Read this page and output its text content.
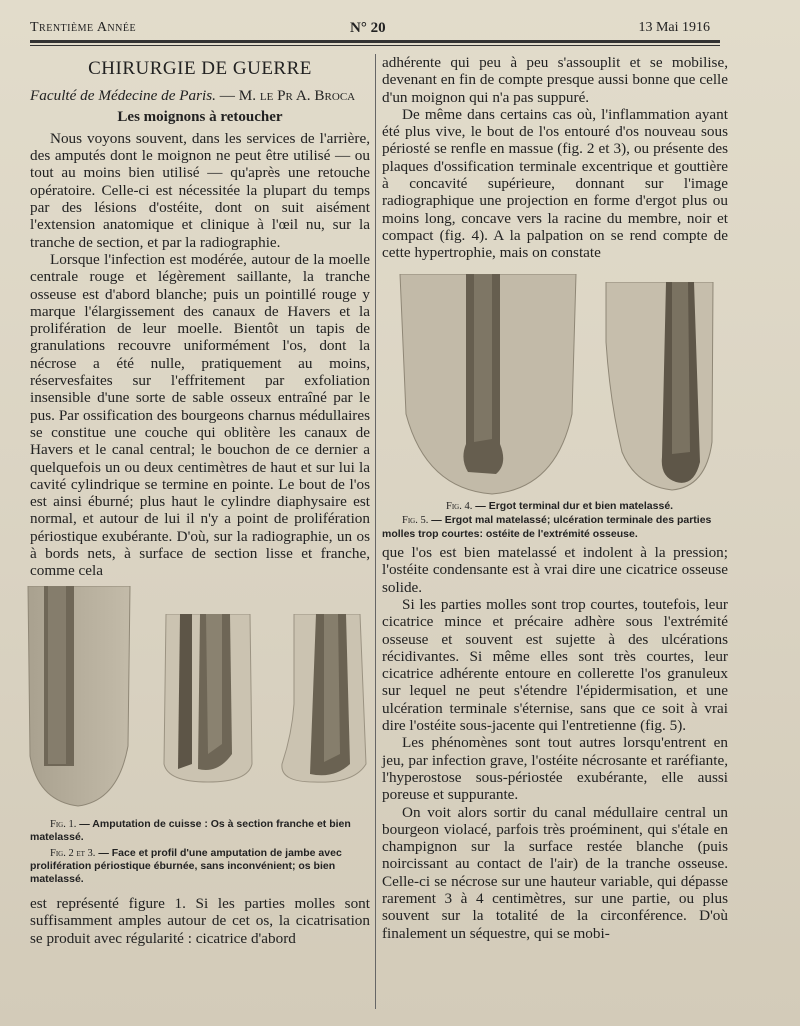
Trentième Année	N° 20	13 Mai 1916
CHIRURGIE DE GUERRE

Faculté de Médecine de Paris. — M. le Pr A. Broca

Les moignons à retoucher

Nous voyons souvent, dans les services de l'arrière, des amputés dont le moignon ne peut être utilisé — ou tout au moins bien utilisé — qu'après une retouche opératoire. Celle-ci est nécessitée la plupart du temps par des lésions d'ostéite, dont on suit aisément l'extension anatomique et clinique à l'œil nu, sur la tranche de section, et par la radiographie.

Lorsque l'infection est modérée, autour de la moelle centrale rouge et légèrement saillante, la tranche osseuse est d'abord blanche; puis un pointillé rouge y marque l'élargissement des canaux de Havers et la prolifération de leur moelle. Bientôt un tapis de granulations recouvre uniformément l'os, dont la nécrose a été nulle, pratiquement au moins, réservesfaites sur l'effritement par exfoliation insensible d'une sorte de sable osseux entraîné par le pus. Par ossification des bourgeons charnus médullaires se constitue une couche qui oblitère les canaux de Havers et le canal central; le bouchon de ce dernier a quelquefois un ou deux centimètres de haut et sur lui la cavité cylindrique se termine en pointe. Le bout de l'os est ainsi éburné; plus haut le cylindre diaphysaire est normal, et autour de lui il n'y a point de prolifération périostique exubérante. D'où, sur la radiographie, un os à bords nets, à surface de section lisse et franche, comme cela

Fig. 1. — Amputation de cuisse : Os à section franche et bien matelassé.

Fig. 2 et 3. — Face et profil d'une amputation de jambe avec prolifération périostique éburnée, sans inconvénient; os bien matelassé.

est représenté figure 1. Si les parties molles sont suffisamment amples autour de cet os, la cicatrisation se produit avec régularité : cicatrice d'abord

adhérente qui peu à peu s'assouplit et se mobilise, devenant en fin de compte presque aussi bonne que celle d'un moignon qui n'a pas suppuré.

De même dans certains cas où, l'inflammation ayant été plus vive, le bout de l'os entouré d'os nouveau sous périosté se renfle en massue (fig. 2 et 3), ou présente des plaques d'ossification terminale excentrique et gouttière à concavité supérieure, donnant sur l'image radiographique une projection en forme d'ergot plus ou moins long, concave vers la racine du membre, noir et compact (fig. 4). A la palpation on se rend compte de cette hypertrophie, mais on constate

Fig. 4. — Ergot terminal dur et bien matelassé.

Fig. 5. — Ergot mal matelassé; ulcération terminale des parties molles trop courtes: ostéite de l'extrémité osseuse.

que l'os est bien matelassé et indolent à la pression; l'ostéite condensante est à vrai dire une cicatrice osseuse solide.

Si les parties molles sont trop courtes, toutefois, leur cicatrice mince et précaire adhère sous l'extrémité osseuse et souvent est sujette à des ulcérations récidivantes. Si même elles sont très courtes, leur cicatrice adhérente entoure en collerette l'os granuleux sur lequel ne peut s'étendre l'épidermisation, et une ulcération terminale s'éternise, sans que ce soit à vrai dire l'ostéite sous-jacente qui l'entretienne (fig. 5).

Les phénomènes sont tout autres lorsqu'entrent en jeu, par infection grave, l'ostéite nécrosante et raréfiante, l'hyperostose sous-périostée exubérante, elle aussi poreuse et suppurante.

On voit alors sortir du canal médullaire central un bourgeon violacé, parfois très proéminent, qui s'étale en champignon sur la surface restée blanche (puis noircissant au contact de l'air) de la tranche osseuse. Celle-ci se nécrose sur une hauteur variable, qui dépasse rarement 3 à 4 centimètres, sur une partie, ou plus souvent sur la totalité de la circonférence. D'où finalement un séquestre, qui se mobi-
